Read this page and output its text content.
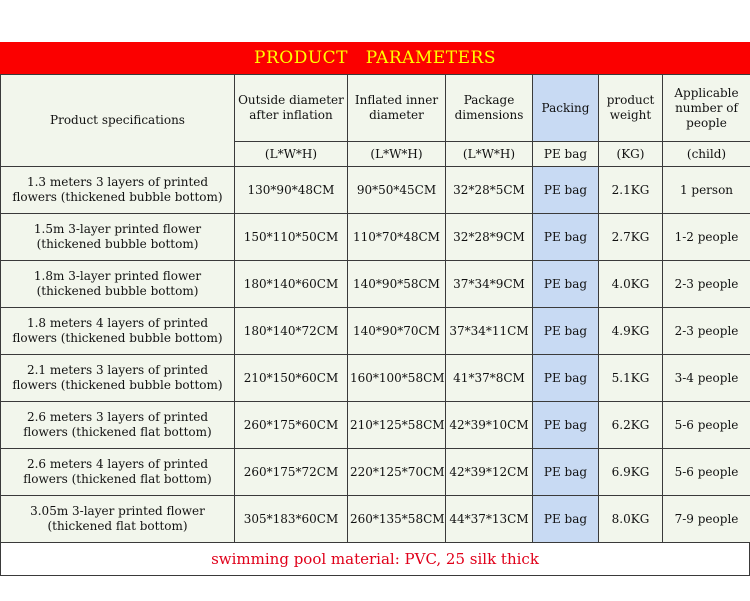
PRODUCT   PARAMETERS
Product specifications	Outside diameter after inflation	Inflated inner diameter	Package dimensions	Packing	product weight	Applicable number of people
	(L*W*H)	(L*W*H)	(L*W*H)	PE bag	(KG)	(child)
1.3 meters 3 layers of printed flowers (thickened bubble bottom)	130*90*48CM	90*50*45CM	32*28*5CM	PE bag	2.1KG	1 person
1.5m 3-layer printed flower (thickened bubble bottom)	150*110*50CM	110*70*48CM	32*28*9CM	PE bag	2.7KG	1-2 people
1.8m 3-layer printed flower (thickened bubble bottom)	180*140*60CM	140*90*58CM	37*34*9CM	PE bag	4.0KG	2-3 people
1.8 meters 4 layers of printed flowers (thickened bubble bottom)	180*140*72CM	140*90*70CM	37*34*11CM	PE bag	4.9KG	2-3 people
2.1 meters 3 layers of printed flowers (thickened bubble bottom)	210*150*60CM	160*100*58CM	41*37*8CM	PE bag	5.1KG	3-4 people
2.6 meters 3 layers of printed flowers (thickened flat bottom)	260*175*60CM	210*125*58CM	42*39*10CM	PE bag	6.2KG	5-6 people
2.6 meters 4 layers of printed flowers (thickened flat bottom)	260*175*72CM	220*125*70CM	42*39*12CM	PE bag	6.9KG	5-6 people
3.05m 3-layer printed flower (thickened flat bottom)	305*183*60CM	260*135*58CM	44*37*13CM	PE bag	8.0KG	7-9 people
swimming pool material: PVC, 25 silk thick
